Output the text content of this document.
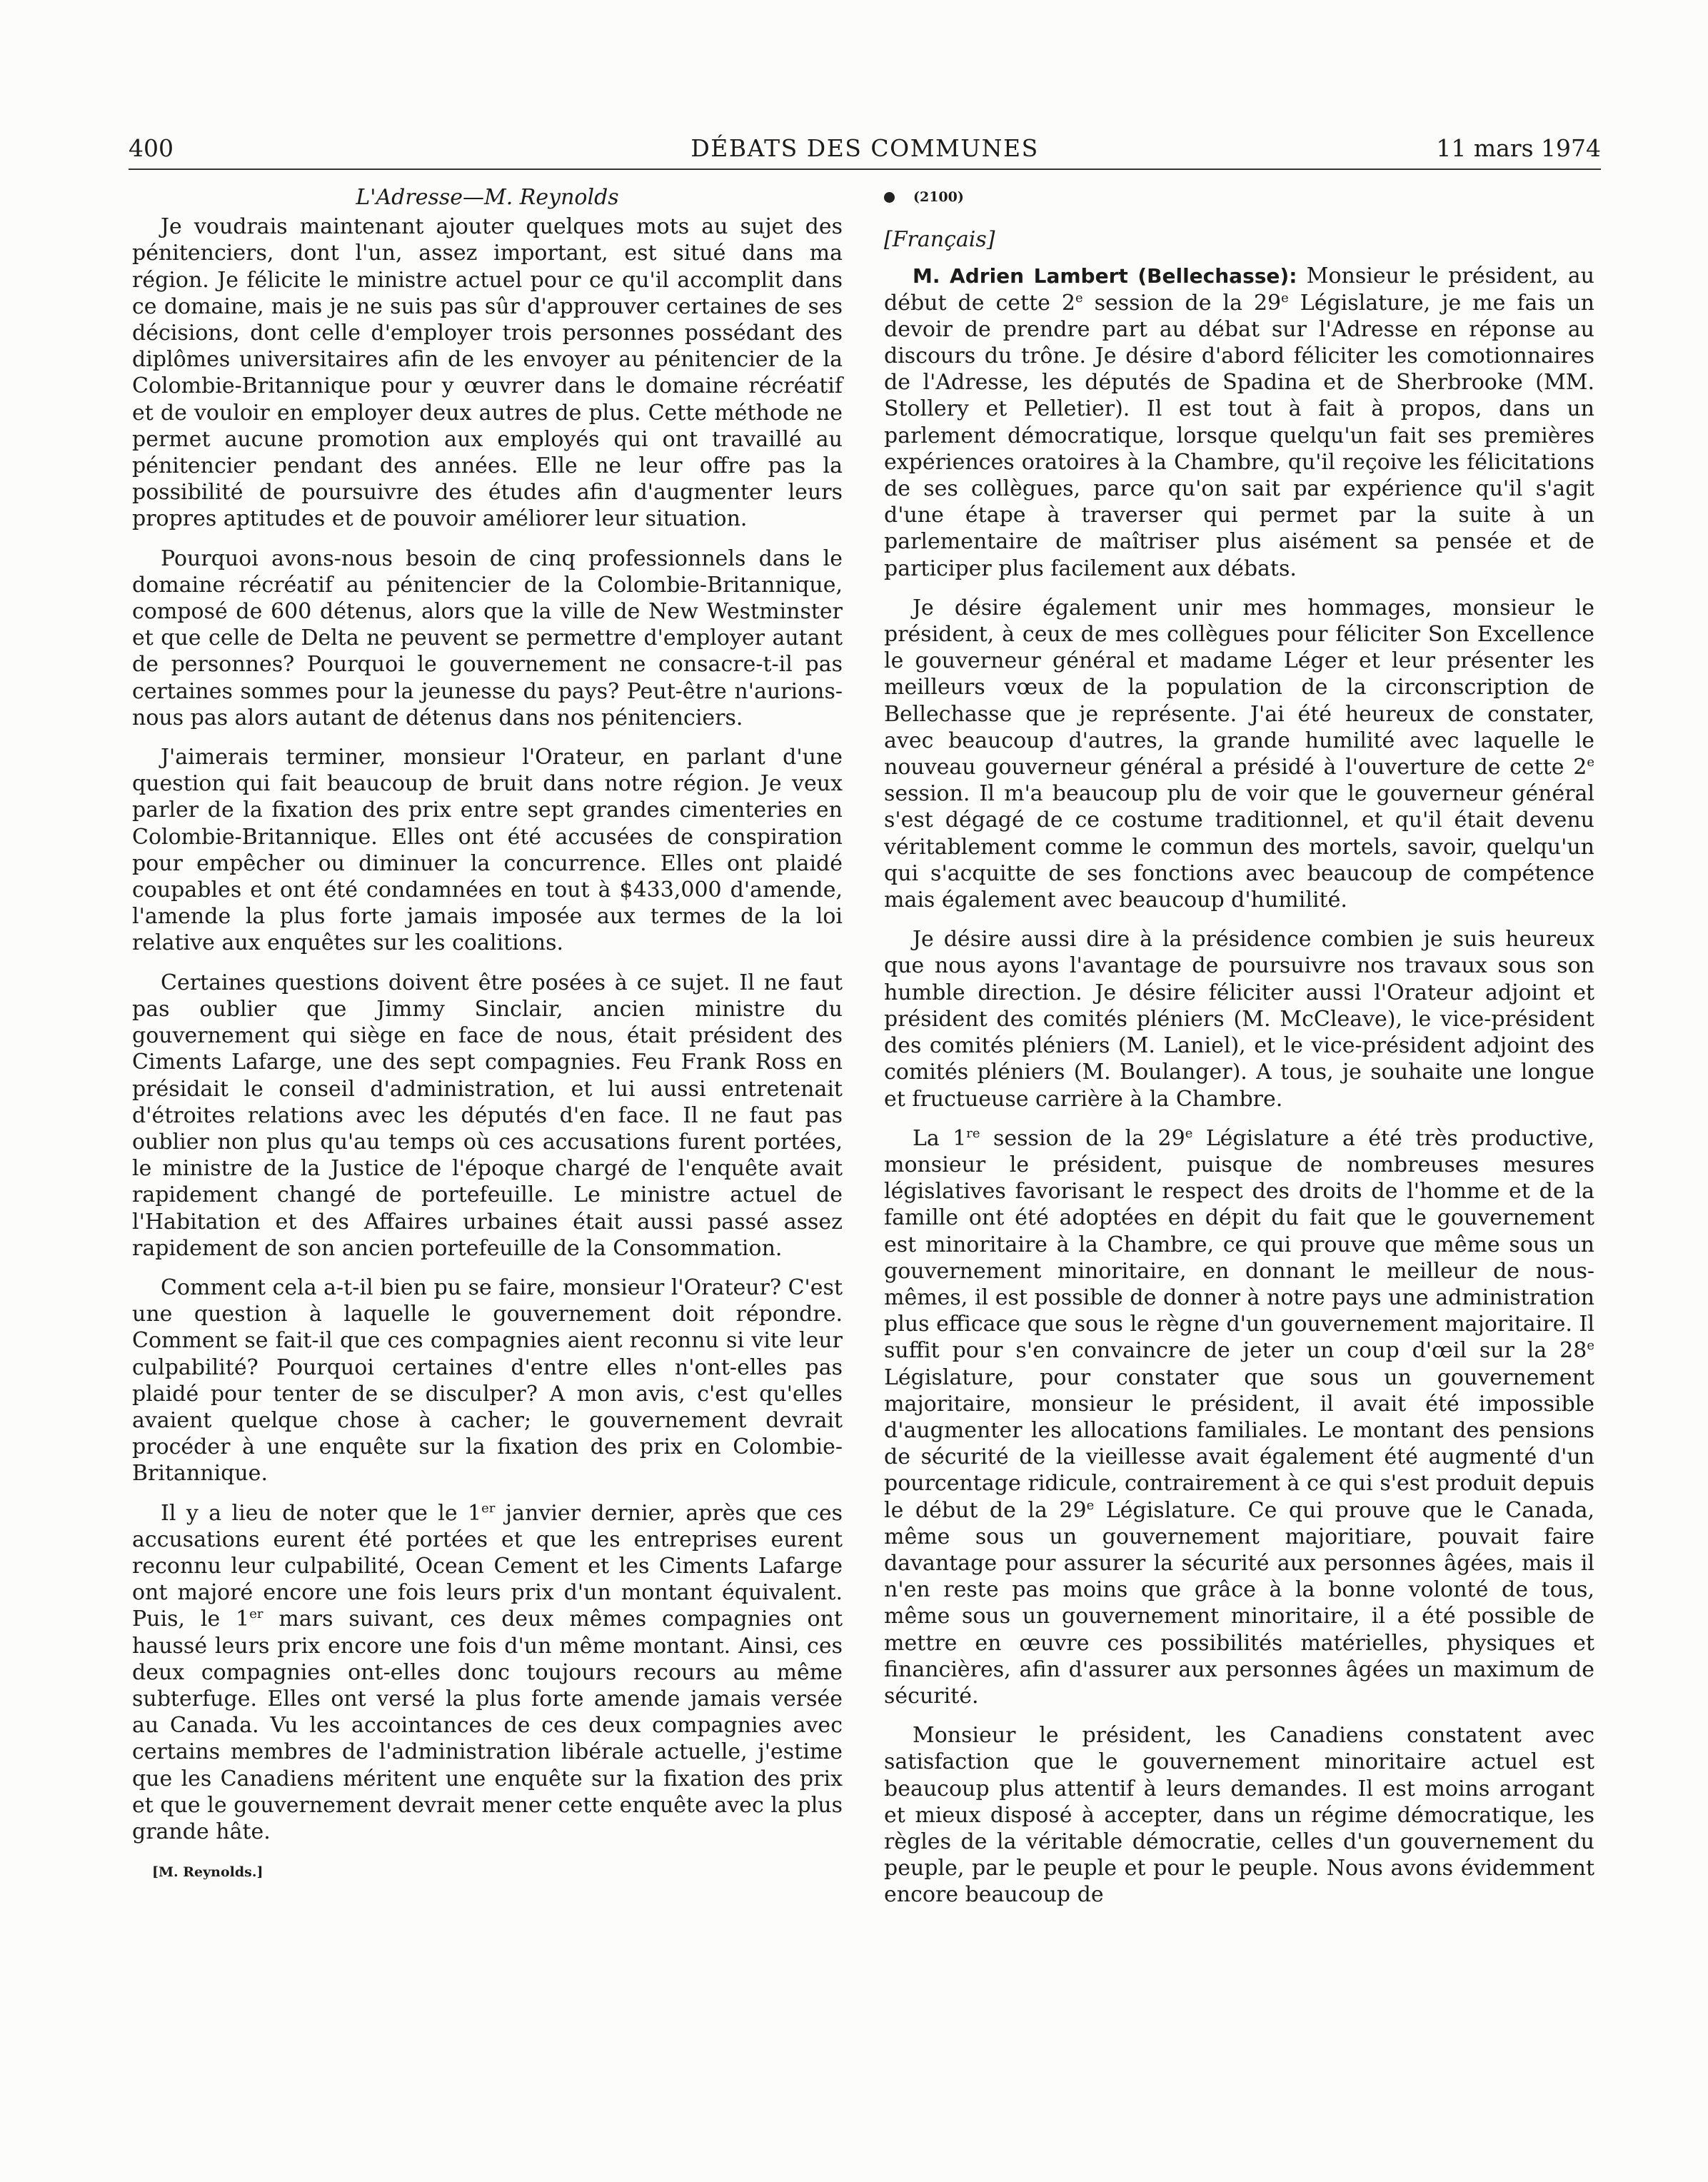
400	DÉBATS DES COMMUNES	11 mars 1974
L'Adresse—M. Reynolds

Je voudrais maintenant ajouter quelques mots au sujet des pénitenciers, dont l'un, assez important, est situé dans ma région. Je félicite le ministre actuel pour ce qu'il accomplit dans ce domaine, mais je ne suis pas sûr d'approuver certaines de ses décisions, dont celle d'employer trois personnes possédant des diplômes universitaires afin de les envoyer au pénitencier de la Colombie-Britannique pour y œuvrer dans le domaine récréatif et de vouloir en employer deux autres de plus. Cette méthode ne permet aucune promotion aux employés qui ont travaillé au pénitencier pendant des années. Elle ne leur offre pas la possibilité de poursuivre des études afin d'augmenter leurs propres aptitudes et de pouvoir améliorer leur situation.

Pourquoi avons-nous besoin de cinq professionnels dans le domaine récréatif au pénitencier de la Colombie-Britannique, composé de 600 détenus, alors que la ville de New Westminster et que celle de Delta ne peuvent se permettre d'employer autant de personnes? Pourquoi le gouvernement ne consacre-t-il pas certaines sommes pour la jeunesse du pays? Peut-être n'aurions-nous pas alors autant de détenus dans nos pénitenciers.

J'aimerais terminer, monsieur l'Orateur, en parlant d'une question qui fait beaucoup de bruit dans notre région. Je veux parler de la fixation des prix entre sept grandes cimenteries en Colombie-Britannique. Elles ont été accusées de conspiration pour empêcher ou diminuer la concurrence. Elles ont plaidé coupables et ont été condamnées en tout à $433,000 d'amende, l'amende la plus forte jamais imposée aux termes de la loi relative aux enquêtes sur les coalitions.

Certaines questions doivent être posées à ce sujet. Il ne faut pas oublier que Jimmy Sinclair, ancien ministre du gouvernement qui siège en face de nous, était président des Ciments Lafarge, une des sept compagnies. Feu Frank Ross en présidait le conseil d'administration, et lui aussi entretenait d'étroites relations avec les députés d'en face. Il ne faut pas oublier non plus qu'au temps où ces accusations furent portées, le ministre de la Justice de l'époque chargé de l'enquête avait rapidement changé de portefeuille. Le ministre actuel de l'Habitation et des Affaires urbaines était aussi passé assez rapidement de son ancien portefeuille de la Consommation.

Comment cela a-t-il bien pu se faire, monsieur l'Orateur? C'est une question à laquelle le gouvernement doit répondre. Comment se fait-il que ces compagnies aient reconnu si vite leur culpabilité? Pourquoi certaines d'entre elles n'ont-elles pas plaidé pour tenter de se disculper? A mon avis, c'est qu'elles avaient quelque chose à cacher; le gouvernement devrait procéder à une enquête sur la fixation des prix en Colombie-Britannique.

Il y a lieu de noter que le 1er janvier dernier, après que ces accusations eurent été portées et que les entreprises eurent reconnu leur culpabilité, Ocean Cement et les Ciments Lafarge ont majoré encore une fois leurs prix d'un montant équivalent. Puis, le 1er mars suivant, ces deux mêmes compagnies ont haussé leurs prix encore une fois d'un même montant. Ainsi, ces deux compagnies ont-elles donc toujours recours au même subterfuge. Elles ont versé la plus forte amende jamais versée au Canada. Vu les accointances de ces deux compagnies avec certains membres de l'administration libérale actuelle, j'estime que les Canadiens méritent une enquête sur la fixation des prix et que le gouvernement devrait mener cette enquête avec la plus grande hâte.

[M. Reynolds.]
(2100)
[Français]

M. Adrien Lambert (Bellechasse): Monsieur le président, au début de cette 2e session de la 29e Législature, je me fais un devoir de prendre part au débat sur l'Adresse en réponse au discours du trône. Je désire d'abord féliciter les comotionnaires de l'Adresse, les députés de Spadina et de Sherbrooke (MM. Stollery et Pelletier). Il est tout à fait à propos, dans un parlement démocratique, lorsque quelqu'un fait ses premières expériences oratoires à la Chambre, qu'il reçoive les félicitations de ses collègues, parce qu'on sait par expérience qu'il s'agit d'une étape à traverser qui permet par la suite à un parlementaire de maîtriser plus aisément sa pensée et de participer plus facilement aux débats.

Je désire également unir mes hommages, monsieur le président, à ceux de mes collègues pour féliciter Son Excellence le gouverneur général et madame Léger et leur présenter les meilleurs vœux de la population de la circonscription de Bellechasse que je représente. J'ai été heureux de constater, avec beaucoup d'autres, la grande humilité avec laquelle le nouveau gouverneur général a présidé à l'ouverture de cette 2e session. Il m'a beaucoup plu de voir que le gouverneur général s'est dégagé de ce costume traditionnel, et qu'il était devenu véritablement comme le commun des mortels, savoir, quelqu'un qui s'acquitte de ses fonctions avec beaucoup de compétence mais également avec beaucoup d'humilité.

Je désire aussi dire à la présidence combien je suis heureux que nous ayons l'avantage de poursuivre nos travaux sous son humble direction. Je désire féliciter aussi l'Orateur adjoint et président des comités pléniers (M. McCleave), le vice-président des comités pléniers (M. Laniel), et le vice-président adjoint des comités pléniers (M. Boulanger). A tous, je souhaite une longue et fructueuse carrière à la Chambre.

La 1re session de la 29e Législature a été très productive, monsieur le président, puisque de nombreuses mesures législatives favorisant le respect des droits de l'homme et de la famille ont été adoptées en dépit du fait que le gouvernement est minoritaire à la Chambre, ce qui prouve que même sous un gouvernement minoritaire, en donnant le meilleur de nous-mêmes, il est possible de donner à notre pays une administration plus efficace que sous le règne d'un gouvernement majoritaire. Il suffit pour s'en convaincre de jeter un coup d'œil sur la 28e Législature, pour constater que sous un gouvernement majoritaire, monsieur le président, il avait été impossible d'augmenter les allocations familiales. Le montant des pensions de sécurité de la vieillesse avait également été augmenté d'un pourcentage ridicule, contrairement à ce qui s'est produit depuis le début de la 29e Législature. Ce qui prouve que le Canada, même sous un gouvernement majoritiare, pouvait faire davantage pour assurer la sécurité aux personnes âgées, mais il n'en reste pas moins que grâce à la bonne volonté de tous, même sous un gouvernement minoritaire, il a été possible de mettre en œuvre ces possibilités matérielles, physiques et financières, afin d'assurer aux personnes âgées un maximum de sécurité.

Monsieur le président, les Canadiens constatent avec satisfaction que le gouvernement minoritaire actuel est beaucoup plus attentif à leurs demandes. Il est moins arrogant et mieux disposé à accepter, dans un régime démocratique, les règles de la véritable démocratie, celles d'un gouvernement du peuple, par le peuple et pour le peuple. Nous avons évidemment encore beaucoup de
